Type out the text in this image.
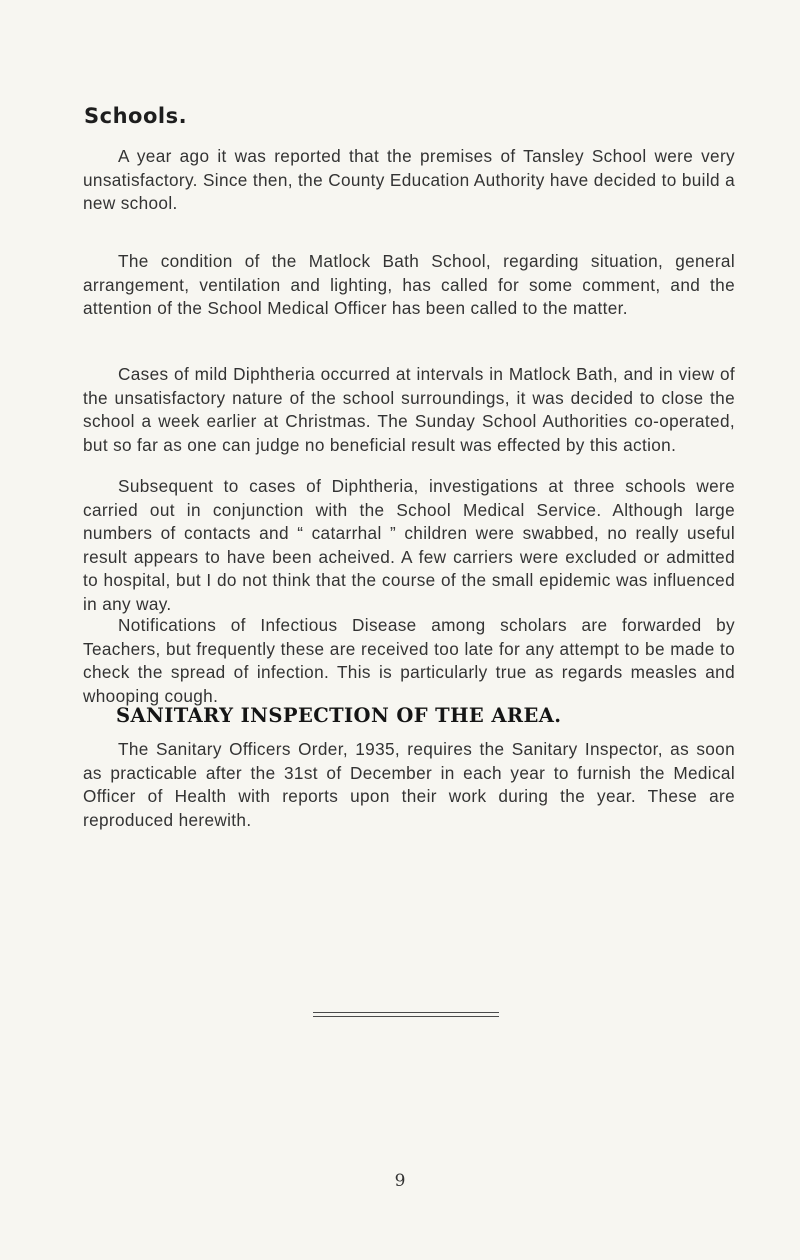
Schools.

A year ago it was reported that the premises of Tansley School were very unsatisfactory. Since then, the County Education Authority have decided to build a new school.

The condition of the Matlock Bath School, regarding situation, general arrangement, ventilation and lighting, has called for some comment, and the attention of the School Medical Officer has been called to the matter.

Cases of mild Diphtheria occurred at intervals in Matlock Bath, and in view of the unsatisfactory nature of the school surroundings, it was decided to close the school a week earlier at Christmas. The Sunday School Authorities co-operated, but so far as one can judge no beneficial result was effected by this action.

Subsequent to cases of Diphtheria, investigations at three schools were carried out in conjunction with the School Medical Service. Although large numbers of contacts and “ catarrhal ” children were swabbed, no really useful result appears to have been acheived. A few carriers were excluded or admitted to hospital, but I do not think that the course of the small epidemic was influenced in any way.

Notifications of Infectious Disease among scholars are forwarded by Teachers, but frequently these are received too late for any attempt to be made to check the spread of infection. This is particularly true as regards measles and whooping cough.

SANITARY INSPECTION OF THE AREA.

The Sanitary Officers Order, 1935, requires the Sanitary Inspector, as soon as practicable after the 31st of December in each year to furnish the Medical Officer of Health with reports upon their work during the year. These are reproduced herewith.

9
